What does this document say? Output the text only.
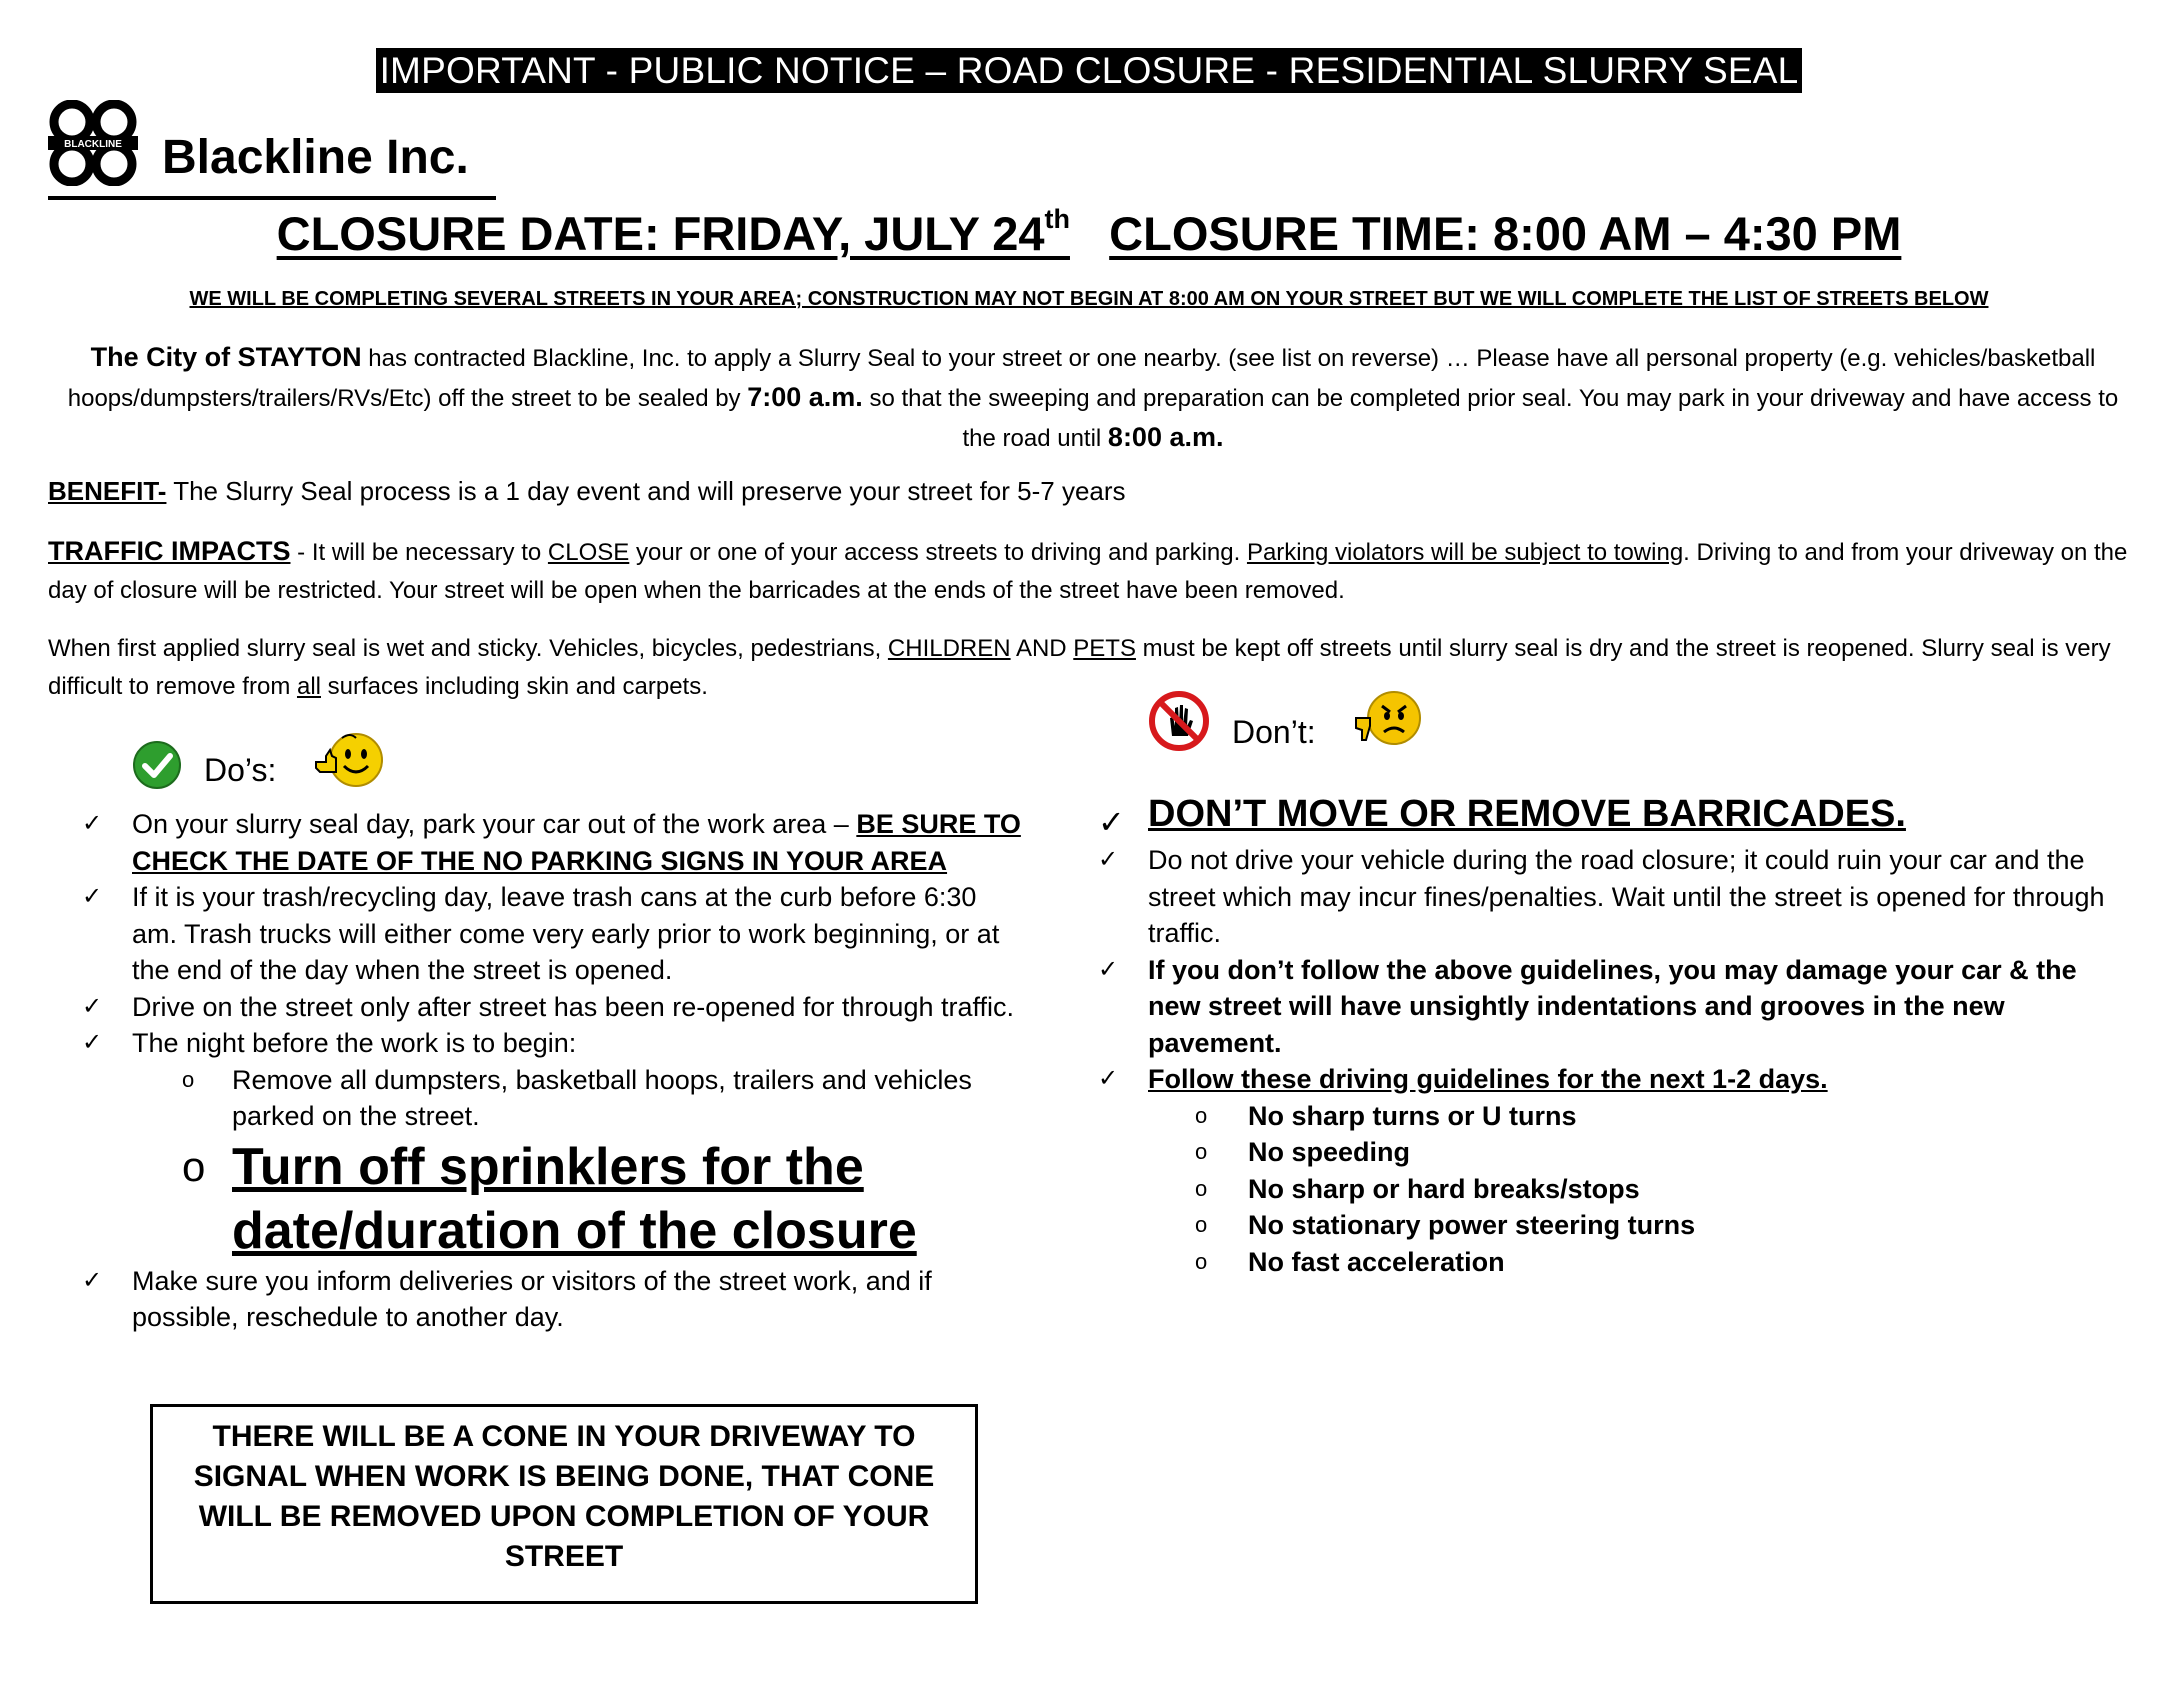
IMPORTANT - PUBLIC NOTICE – ROAD CLOSURE - RESIDENTIAL SLURRY SEAL
BLACKLINE Blackline Inc.
CLOSURE DATE: FRIDAY, JULY 24th CLOSURE TIME: 8:00 AM – 4:30 PM
WE WILL BE COMPLETING SEVERAL STREETS IN YOUR AREA; CONSTRUCTION MAY NOT BEGIN AT 8:00 AM ON YOUR STREET BUT WE WILL COMPLETE THE LIST OF STREETS BELOW
The City of STAYTON has contracted Blackline, Inc. to apply a Slurry Seal to your street or one nearby. (see list on reverse) … Please have all personal property (e.g. vehicles/basketball hoops/dumpsters/trailers/RVs/Etc) off the street to be sealed by 7:00 a.m. so that the sweeping and preparation can be completed prior seal. You may park in your driveway and have access to the road until 8:00 a.m.
BENEFIT- The Slurry Seal process is a 1 day event and will preserve your street for 5-7 years
TRAFFIC IMPACTS - It will be necessary to CLOSE your or one of your access streets to driving and parking. Parking violators will be subject to towing. Driving to and from your driveway on the day of closure will be restricted. Your street will be open when the barricades at the ends of the street have been removed.
When first applied slurry seal is wet and sticky. Vehicles, bicycles, pedestrians, CHILDREN AND PETS must be kept off streets until slurry seal is dry and the street is reopened. Slurry seal is very difficult to remove from all surfaces including skin and carpets.
Do’s:
Don’t:
✓	On your slurry seal day, park your car out of the work area – BE SURE TO CHECK THE DATE OF THE NO PARKING SIGNS IN YOUR AREA
✓	If it is your trash/recycling day, leave trash cans at the curb before 6:30 am. Trash trucks will either come very early prior to work beginning, or at the end of the day when the street is opened.
✓	Drive on the street only after street has been re-opened for through traffic.
✓	The night before the work is to begin:
o Remove all dumpsters, basketball hoops, trailers and vehicles parked on the street.
o Turn off sprinklers for the date/duration of the closure
✓	Make sure you inform deliveries or visitors of the street work, and if possible, reschedule to another day.
✓ DON’T MOVE OR REMOVE BARRICADES.
✓	Do not drive your vehicle during the road closure; it could ruin your car and the street which may incur fines/penalties. Wait until the street is opened for through traffic.
✓	If you don’t follow the above guidelines, you may damage your car & the new street will have unsightly indentations and grooves in the new pavement.
✓	Follow these driving guidelines for the next 1-2 days.
o No sharp turns or U turns
o No speeding
o No sharp or hard breaks/stops
o No stationary power steering turns
o No fast acceleration
THERE WILL BE A CONE IN YOUR DRIVEWAY TO SIGNAL WHEN WORK IS BEING DONE, THAT CONE WILL BE REMOVED UPON COMPLETION OF YOUR STREET
